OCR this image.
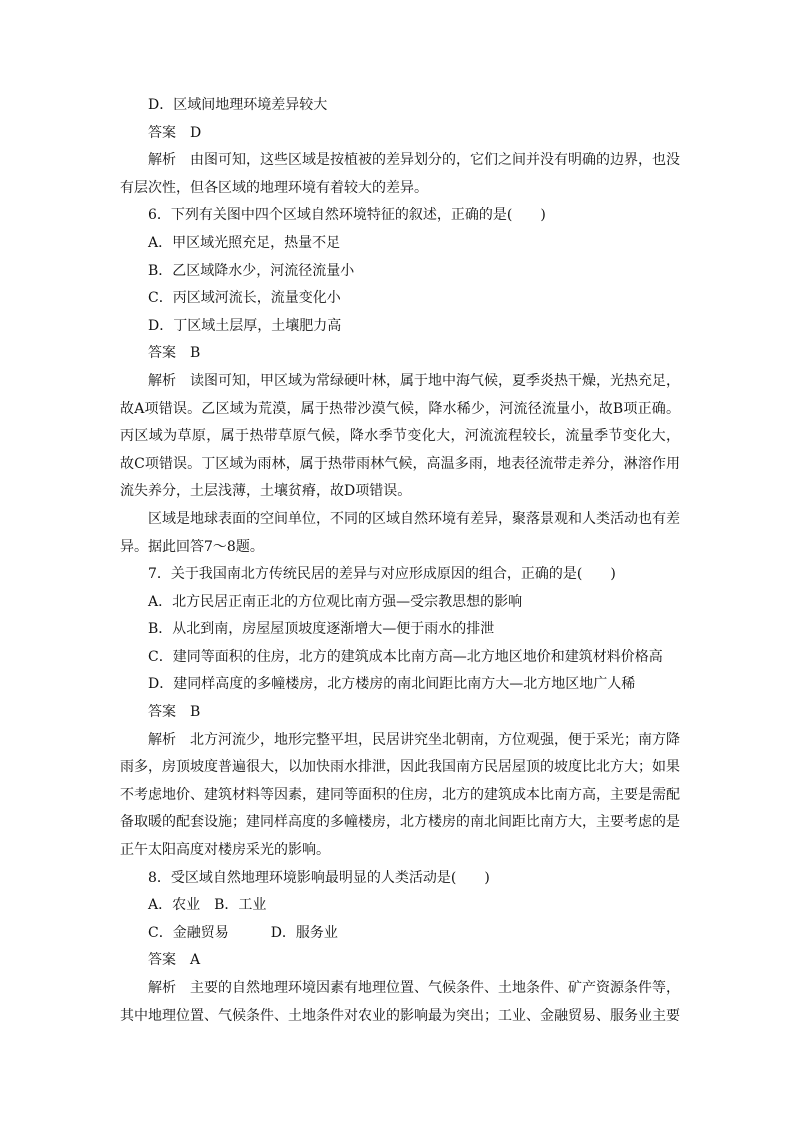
D．区域间地理环境差异较大
答案　D
解析　由图可知，这些区域是按植被的差异划分的，它们之间并没有明确的边界，也没
有层次性，但各区域的地理环境有着较大的差异。
6．下列有关图中四个区域自然环境特征的叙述，正确的是(　　)
A．甲区域光照充足，热量不足
B．乙区域降水少，河流径流量小
C．丙区域河流长，流量变化小
D．丁区域土层厚，土壤肥力高
答案　B
解析　读图可知，甲区域为常绿硬叶林，属于地中海气候，夏季炎热干燥，光热充足，
故A项错误。乙区域为荒漠，属于热带沙漠气候，降水稀少，河流径流量小，故B项正确。
丙区域为草原，属于热带草原气候，降水季节变化大，河流流程较长，流量季节变化大，
故C项错误。丁区域为雨林，属于热带雨林气候，高温多雨，地表径流带走养分，淋溶作用
流失养分，土层浅薄，土壤贫瘠，故D项错误。
区域是地球表面的空间单位，不同的区域自然环境有差异，聚落景观和人类活动也有差
异。据此回答7～8题。
7．关于我国南北方传统民居的差异与对应形成原因的组合，正确的是(　　)
A．北方民居正南正北的方位观比南方强—受宗教思想的影响
B．从北到南，房屋屋顶坡度逐渐增大—便于雨水的排泄
C．建同等面积的住房，北方的建筑成本比南方高—北方地区地价和建筑材料价格高
D．建同样高度的多幢楼房，北方楼房的南北间距比南方大—北方地区地广人稀
答案　B
解析　北方河流少，地形完整平坦，民居讲究坐北朝南，方位观强，便于采光；南方降
雨多，房顶坡度普遍很大，以加快雨水排泄，因此我国南方民居屋顶的坡度比北方大；如果
不考虑地价、建筑材料等因素，建同等面积的住房，北方的建筑成本比南方高，主要是需配
备取暖的配套设施；建同样高度的多幢楼房，北方楼房的南北间距比南方大，主要考虑的是
正午太阳高度对楼房采光的影响。
8．受区域自然地理环境影响最明显的人类活动是(　　)
A．农业　B．工业
C．金融贸易　　　D．服务业
答案　A
解析　主要的自然地理环境因素有地理位置、气候条件、土地条件、矿产资源条件等，
其中地理位置、气候条件、土地条件对农业的影响最为突出；工业、金融贸易、服务业主要
